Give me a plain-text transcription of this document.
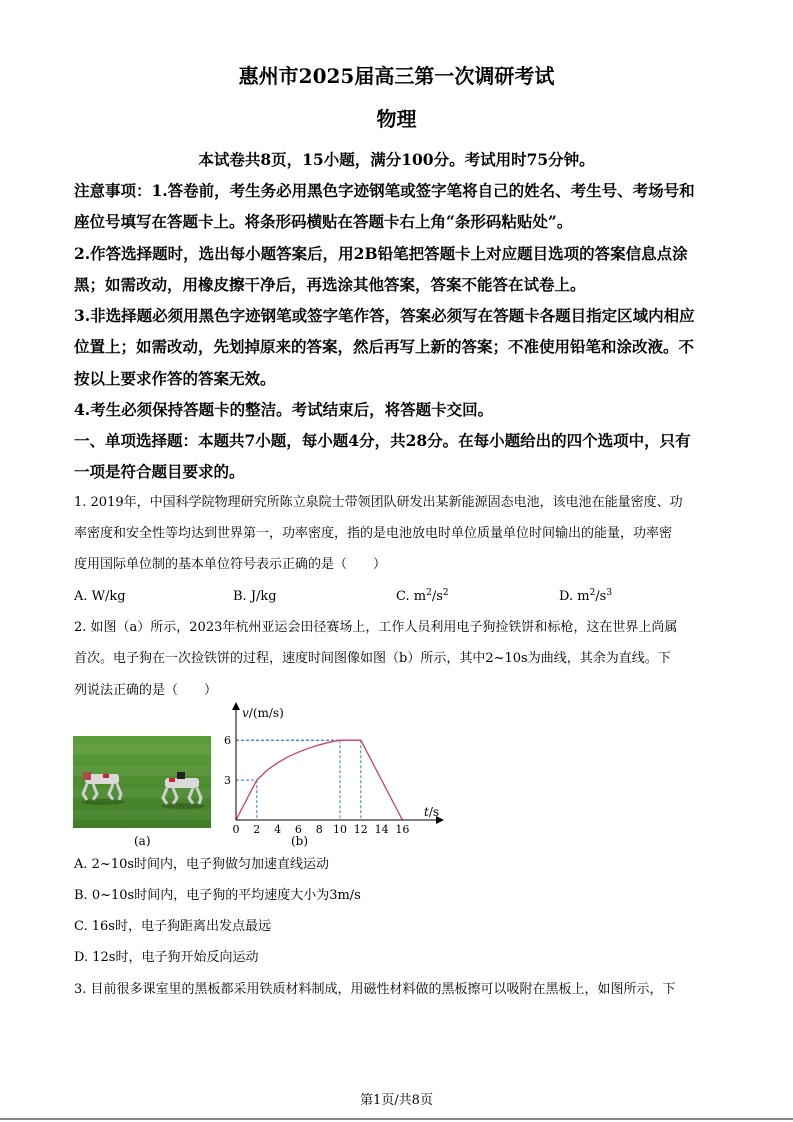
惠州市2025届高三第一次调研考试
物理
本试卷共8页，15小题，满分100分。考试用时75分钟。
注意事项：1.答卷前，考生务必用黑色字迹钢笔或签字笔将自己的姓名、考生号、考场号和
座位号填写在答题卡上。将条形码横贴在答题卡右上角“条形码粘贴处”。
2.作答选择题时，选出每小题答案后，用2B铅笔把答题卡上对应题目选项的答案信息点涂
黑；如需改动，用橡皮擦干净后，再选涂其他答案，答案不能答在试卷上。
3.非选择题必须用黑色字迹钢笔或签字笔作答，答案必须写在答题卡各题目指定区域内相应
位置上；如需改动，先划掉原来的答案，然后再写上新的答案；不准使用铅笔和涂改液。不
按以上要求作答的答案无效。
4.考生必须保持答题卡的整洁。考试结束后，将答题卡交回。
一、单项选择题：本题共7小题，每小题4分，共28分。在每小题给出的四个选项中，只有
一项是符合题目要求的。
1. 2019年，中国科学院物理研究所陈立泉院士带领团队研发出某新能源固态电池，该电池在能量密度、功
率密度和安全性等均达到世界第一，功率密度，指的是电池放电时单位质量单位时间输出的能量，功率密
度用国际单位制的基本单位符号表示正确的是（　　）
A. W/kg	B. J/kg	C. $m^2/s^2$	D. $m^2/s^3$
2. 如图（a）所示，2023年杭州亚运会田径赛场上，工作人员利用电子狗捡铁饼和标枪，这在世界上尚属
首次。电子狗在一次捡铁饼的过程，速度时间图像如图（b）所示，其中2~10s为曲线，其余为直线。下
列说法正确的是（　　）
(a)
0 2 4 6 8 10 12 14 16
3
6
v/(m/s)
t/s
(b)
A. 2~10s时间内，电子狗做匀加速直线运动
B. 0~10s时间内，电子狗的平均速度大小为3m/s
C. 16s时，电子狗距离出发点最远
D. 12s时，电子狗开始反向运动
3. 目前很多课室里的黑板都采用铁质材料制成，用磁性材料做的黑板擦可以吸附在黑板上，如图所示，下
第1页/共8页
